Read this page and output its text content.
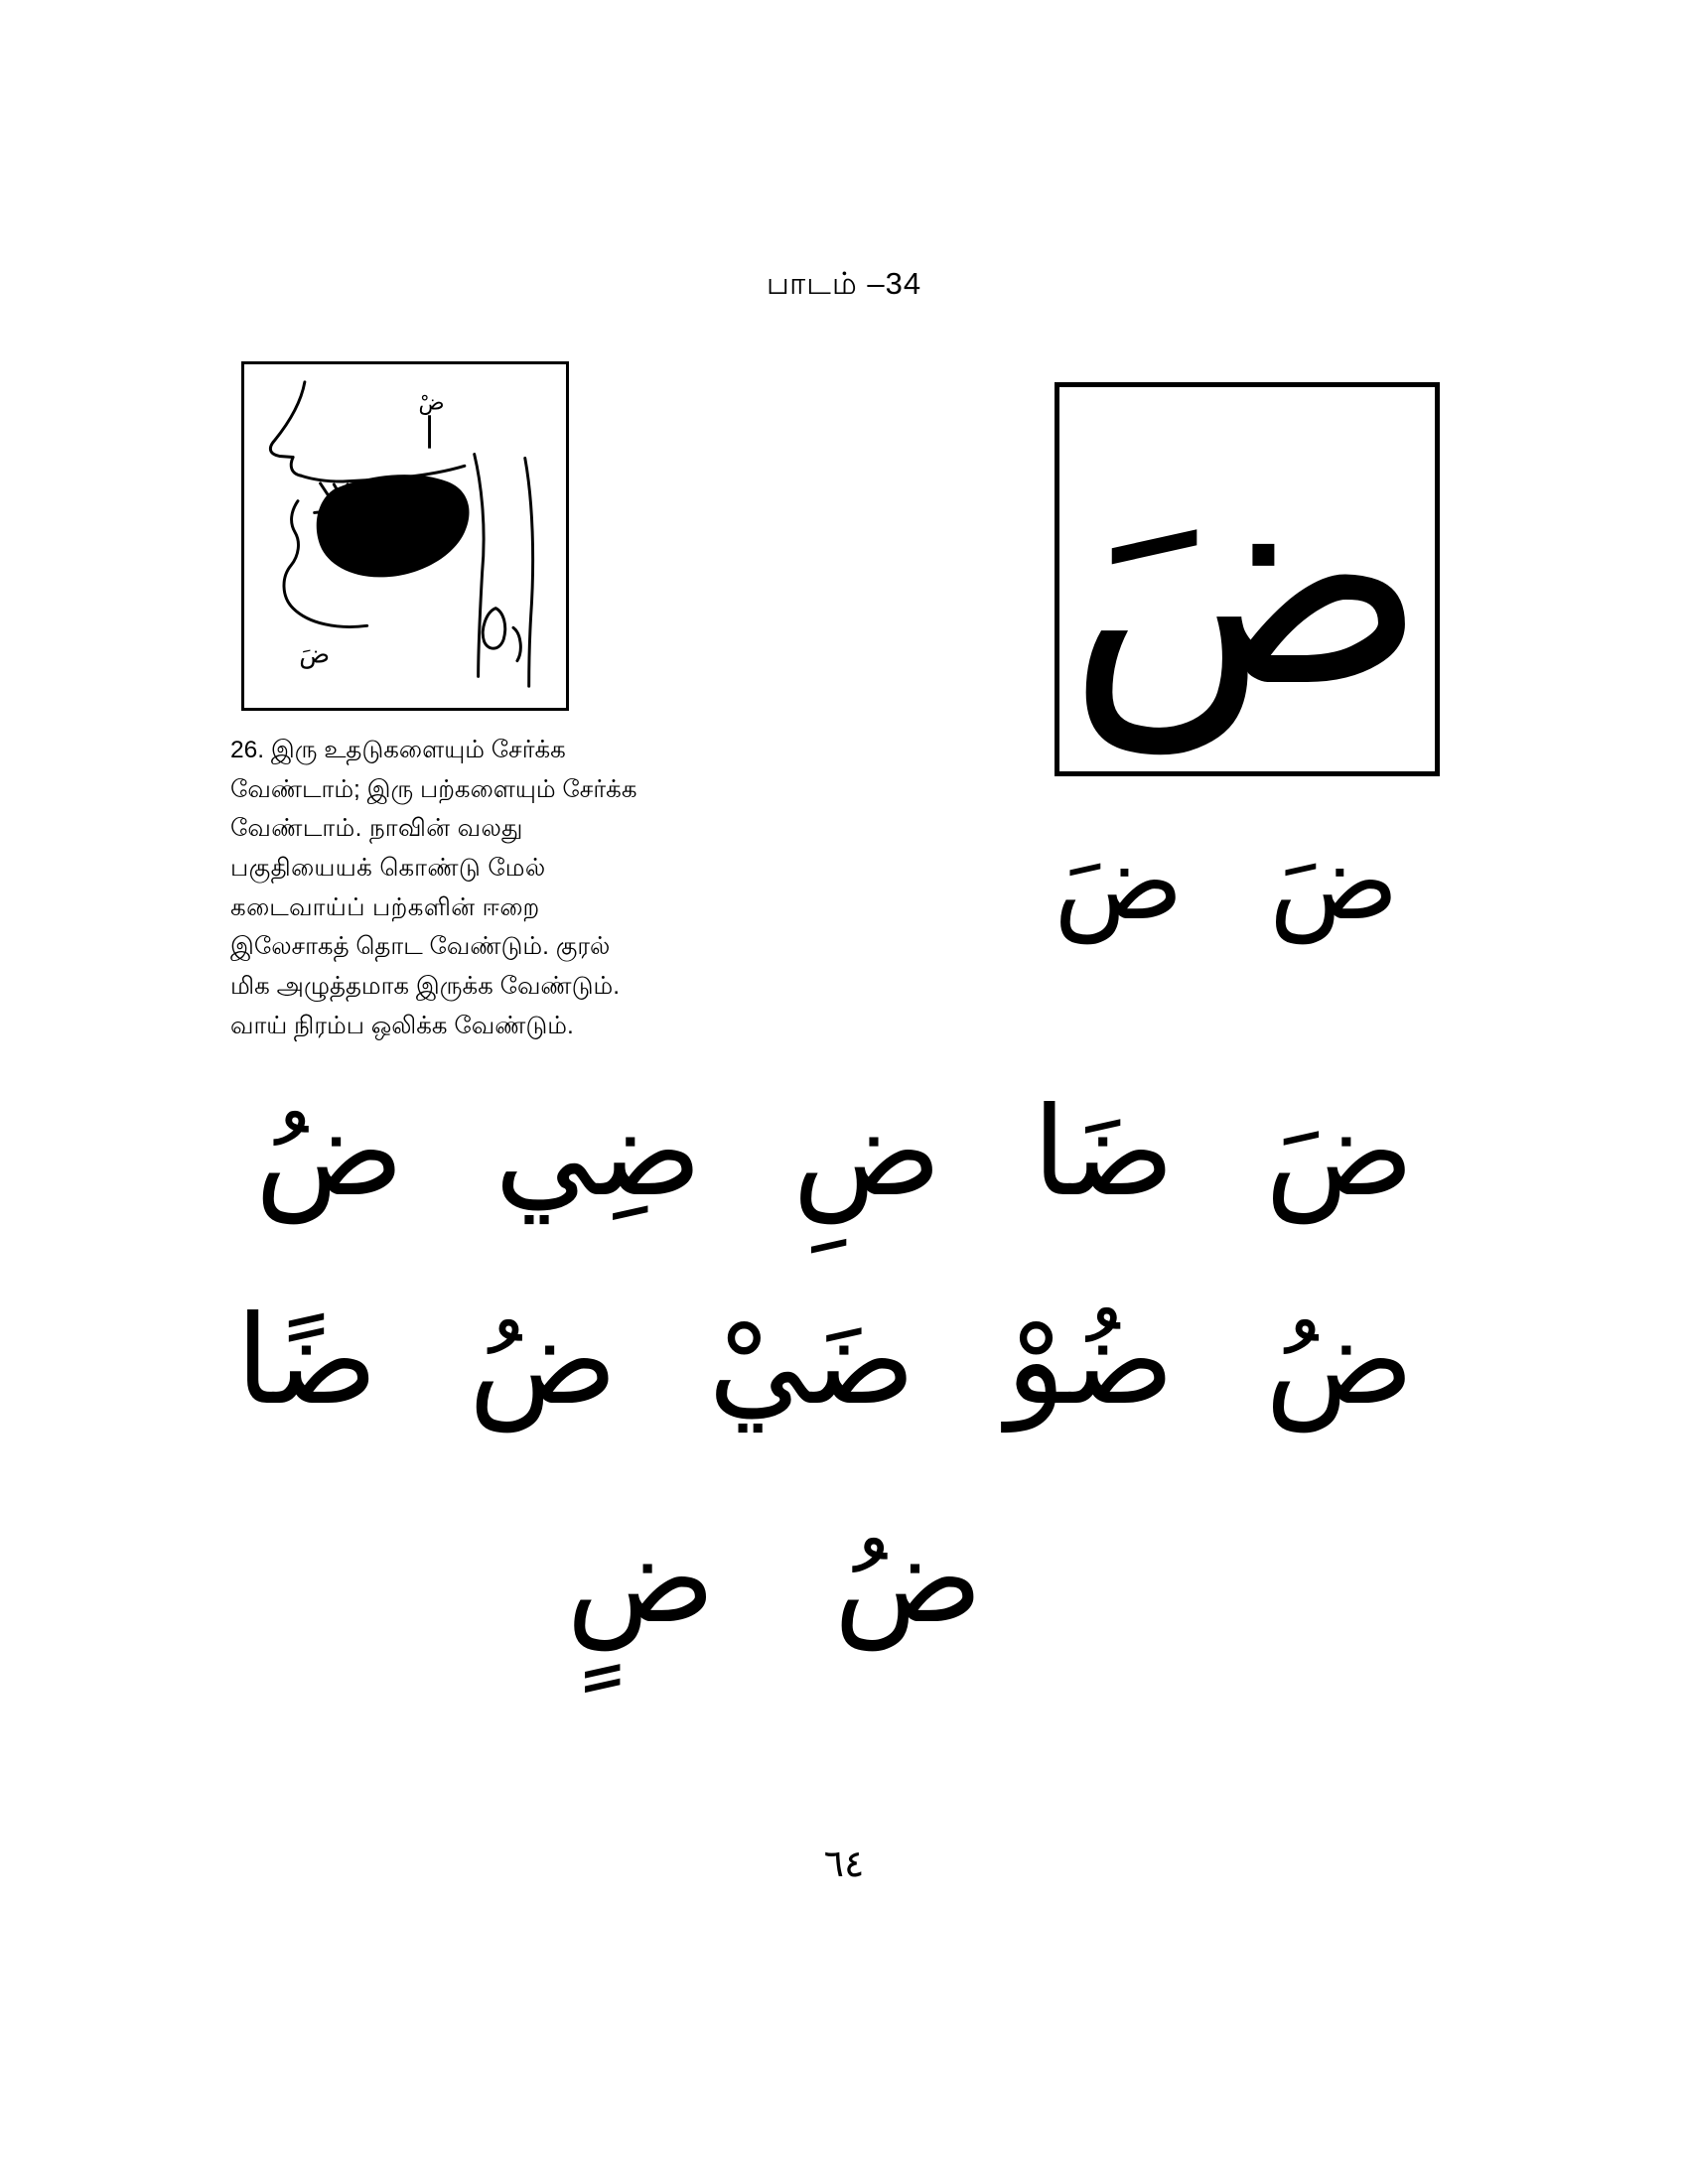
பாடம் –34
ضْ
ضَ
26. இரு உதடுகளையும் சேர்க்க
வேண்டாம்; இரு பற்களையும் சேர்க்க
வேண்டாம். நாவின் வலது
பகுதியையக் கொண்டு மேல்
கடைவாய்ப் பற்களின் ஈறை
இலேசாகத் தொட வேண்டும். குரல்
மிக அழுத்தமாக இருக்க வேண்டும்.
வாய் நிரம்ப ஒலிக்க வேண்டும்.
ضَ
ضَ ضَ
ضَ ضَا ضِ ضِي ضُ
ضُ ضُوْ ضَيْ ضُ ضًا
ضُ ضٍ
٦٤
